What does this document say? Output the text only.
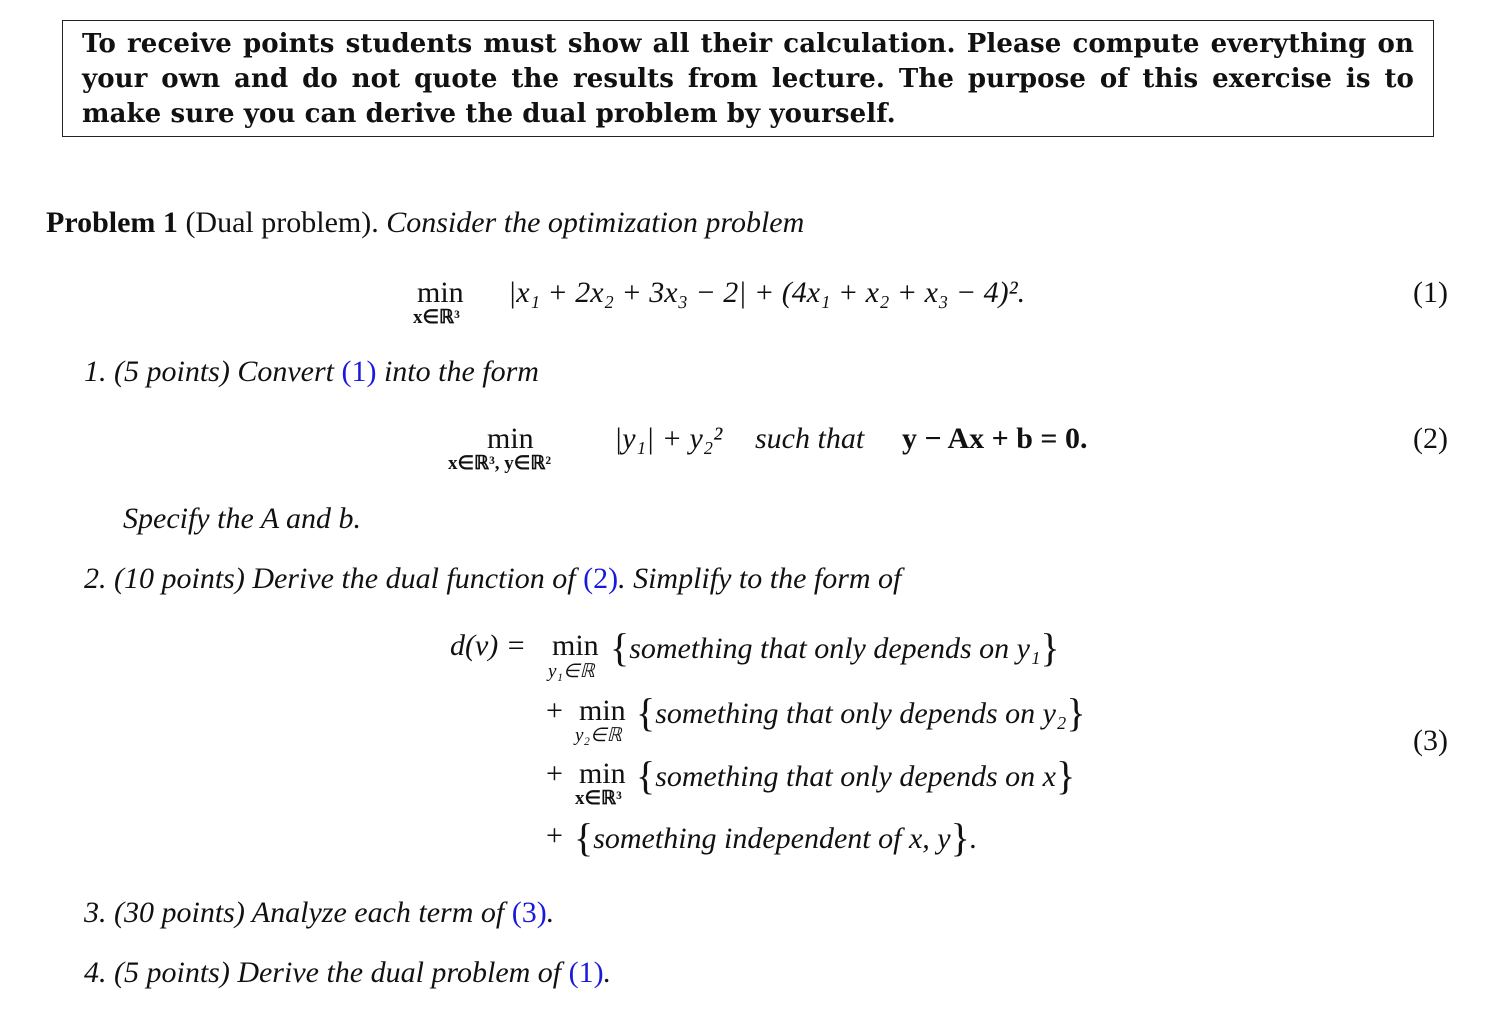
To receive points students must show all their calculation. Please compute everything on your own and do not quote the results from lecture. The purpose of this exercise is to make sure you can derive the dual problem by yourself.
Problem 1 (Dual problem). Consider the optimization problem
min
x∈ℝ³
|x₁ + 2x₂ + 3x₃ − 2| + (4x₁ + x₂ + x₃ − 4)².	(1)
1. (5 points) Convert (1) into the form
min
x∈ℝ³, y∈ℝ²
|y₁| + y₂² such that y − Ax + b = 0.	(2)
Specify the A and b.
2. (10 points) Derive the dual function of (2). Simplify to the form of
d(ν) = min
y₁∈ℝ
{something that only depends on y₁}
+ min
y₂∈ℝ
{something that only depends on y₂}
+ min
x∈ℝ³
{something that only depends on x}
+ {something independent of x, y}.
(3)
3. (30 points) Analyze each term of (3).
4. (5 points) Derive the dual problem of (1).
